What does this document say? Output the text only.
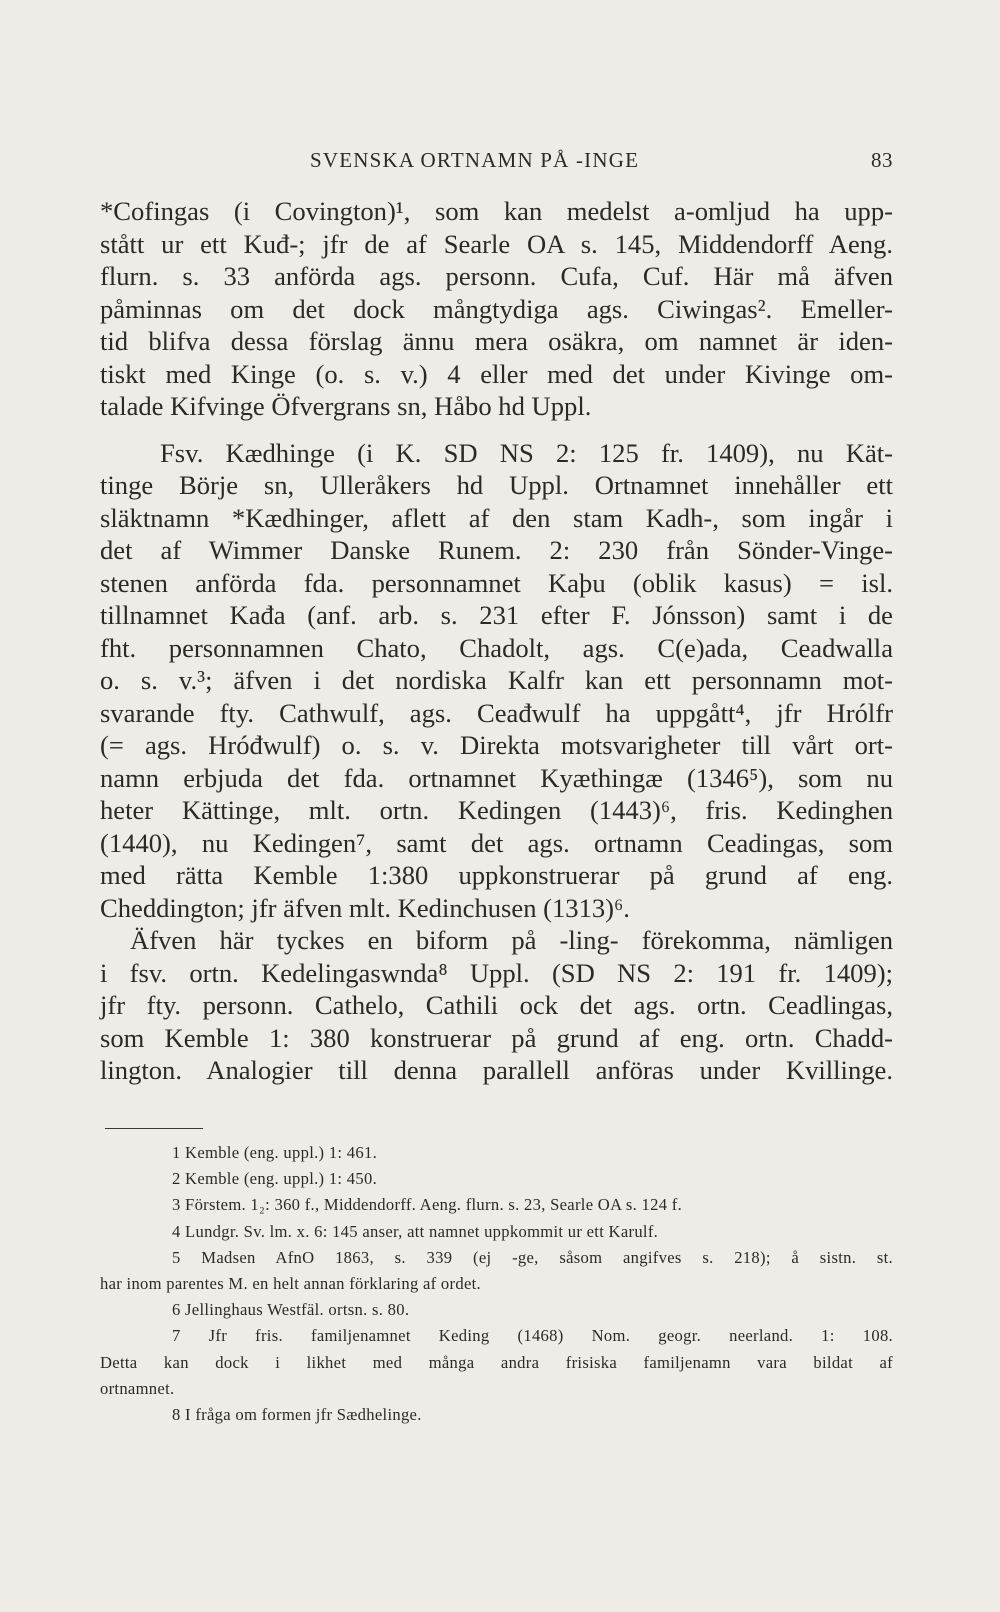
SVENSKA ORTNAMN PÅ -INGE	83
*Cofingas (i Covington)¹, som kan medelst a-omljud ha upp-
stått ur ett Kuđ-; jfr de af Searle OA s. 145, Middendorff Aeng.
flurn. s. 33 anförda ags. personn. Cufa, Cuf. Här må äfven
påminnas om det dock mångtydiga ags. Ciwingas². Emeller-
tid blifva dessa förslag ännu mera osäkra, om namnet är iden-
tiskt med Kinge (o. s. v.) 4 eller med det under Kivinge om-
talade Kifvinge Öfvergrans sn, Håbo hd Uppl.
Fsv. Kædhinge (i K. SD NS 2: 125 fr. 1409), nu Kät-
tinge Börje sn, Ulleråkers hd Uppl. Ortnamnet innehåller ett
släktnamn *Kædhinger, aflett af den stam Kadh-, som ingår i
det af Wimmer Danske Runem. 2: 230 från Sönder-Vinge-
stenen anförda fda. personnamnet Kaþu (oblik kasus) = isl.
tillnamnet Kađa (anf. arb. s. 231 efter F. Jónsson) samt i de
fht. personnamnen Chato, Chadolt, ags. C(e)ada, Ceadwalla
o. s. v.³; äfven i det nordiska Kalfr kan ett personnamn mot-
svarande fty. Cathwulf, ags. Ceađwulf ha uppgått⁴, jfr Hrólfr
(= ags. Hróđwulf) o. s. v. Direkta motsvarigheter till vårt ort-
namn erbjuda det fda. ortnamnet Kyæthingæ (1346⁵), som nu
heter Kättinge, mlt. ortn. Kedingen (1443)⁶, fris. Kedinghen
(1440), nu Kedingen⁷, samt det ags. ortnamn Ceadingas, som
med rätta Kemble 1:380 uppkonstruerar på grund af eng.
Cheddington; jfr äfven mlt. Kedinchusen (1313)⁶.
Äfven här tyckes en biform på -ling- förekomma, nämligen
i fsv. ortn. Kedelingaswnda⁸ Uppl. (SD NS 2: 191 fr. 1409);
jfr fty. personn. Cathelo, Cathili ock det ags. ortn. Ceadlingas,
som Kemble 1: 380 konstruerar på grund af eng. ortn. Chadd-
lington. Analogier till denna parallell anföras under Kvillinge.
1 Kemble (eng. uppl.) 1: 461.
2 Kemble (eng. uppl.) 1: 450.
3 Förstem. 1₂: 360 f., Middendorff. Aeng. flurn. s. 23, Searle OA s. 124 f.
4 Lundgr. Sv. lm. x. 6: 145 anser, att namnet uppkommit ur ett Karulf.
5 Madsen AfnO 1863, s. 339 (ej -ge, såsom angifves s. 218); å sistn. st.
har inom parentes M. en helt annan förklaring af ordet.
6 Jellinghaus Westfäl. ortsn. s. 80.
7 Jfr fris. familjenamnet Keding (1468) Nom. geogr. neerland. 1: 108.
Detta kan dock i likhet med många andra frisiska familjenamn vara bildat af
ortnamnet.
8 I fråga om formen jfr Sædhelinge.
